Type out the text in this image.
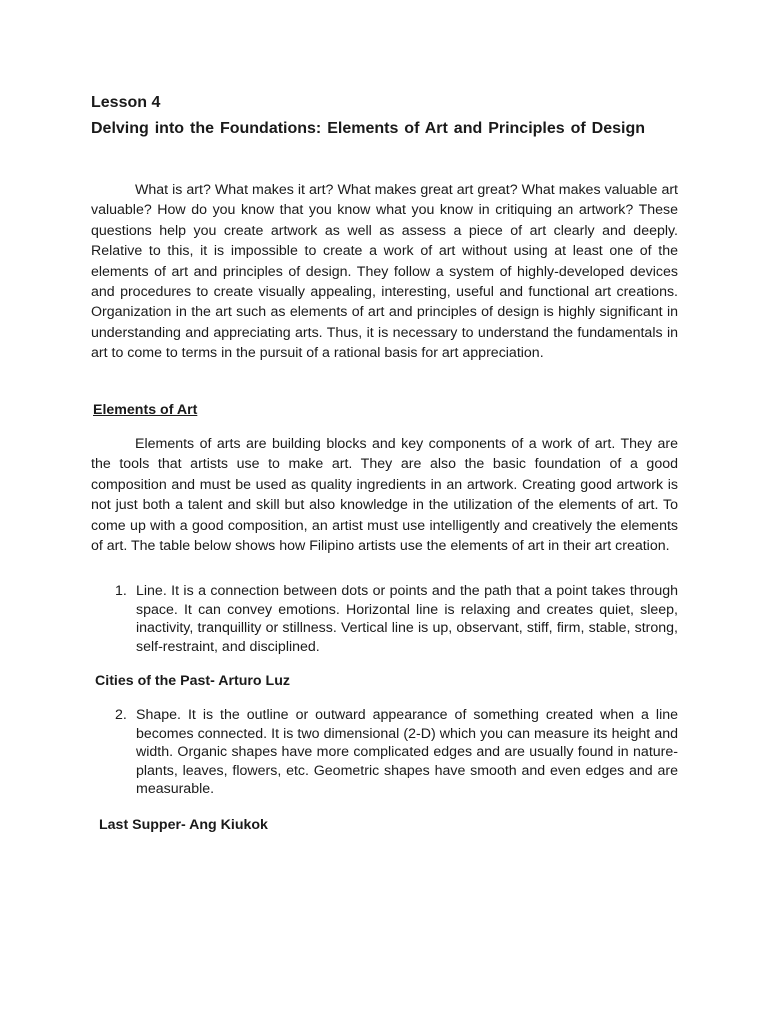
Lesson 4
Delving into the Foundations: Elements of Art and Principles of Design

What is art? What makes it art? What makes great art great? What makes valuable art valuable? How do you know that you know what you know in critiquing an artwork? These questions help you create artwork as well as assess a piece of art clearly and deeply. Relative to this, it is impossible to create a work of art without using at least one of the elements of art and principles of design. They follow a system of highly-developed devices and procedures to create visually appealing, interesting, useful and functional art creations. Organization in the art such as elements of art and principles of design is highly significant in understanding and appreciating arts. Thus, it is necessary to understand the fundamentals in art to come to terms in the pursuit of a rational basis for art appreciation.

Elements of Art

Elements of arts are building blocks and key components of a work of art. They are the tools that artists use to make art. They are also the basic foundation of a good composition and must be used as quality ingredients in an artwork. Creating good artwork is not just both a talent and skill but also knowledge in the utilization of the elements of art. To come up with a good composition, an artist must use intelligently and creatively the elements of art. The table below shows how Filipino artists use the elements of art in their art creation.

1. Line. It is a connection between dots or points and the path that a point takes through space. It can convey emotions. Horizontal line is relaxing and creates quiet, sleep, inactivity, tranquillity or stillness. Vertical line is up, observant, stiff, firm, stable, strong, self-restraint, and disciplined.
Cities of the Past- Arturo Luz
2. Shape. It is the outline or outward appearance of something created when a line becomes connected. It is two dimensional (2-D) which you can measure its height and width. Organic shapes have more complicated edges and are usually found in nature- plants, leaves, flowers, etc. Geometric shapes have smooth and even edges and are measurable.
Last Supper- Ang Kiukok
